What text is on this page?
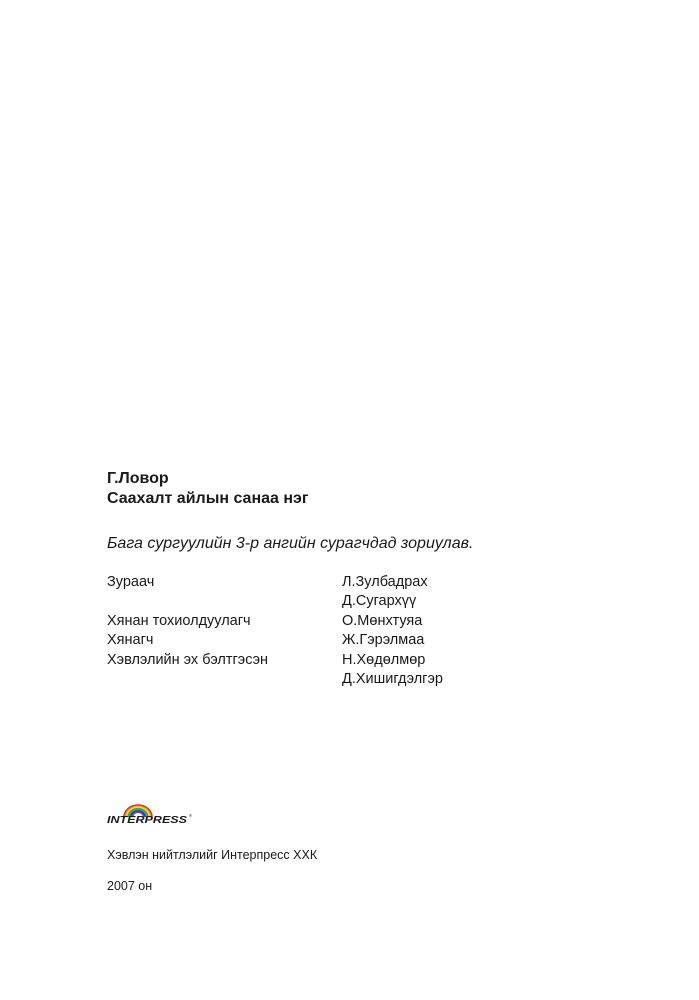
Г.Ловор
Саахалт айлын санаа нэг
Бага сургуулийн 3-р ангийн сурагчдад зориулав.
Зураач	Л.Зулбадрах
Д.Сугархүү
Хянан тохиолдуулагч	О.Мөнхтуяа
Хянагч	Ж.Гэрэлмаа
Хэвлэлийн эх бэлтгэсэн	Н.Хөдөлмөр
Д.Хишигдэлгэр
INTERPRESS ®
Хэвлэн нийтлэлийг Интерпресс ХХК
2007 он
